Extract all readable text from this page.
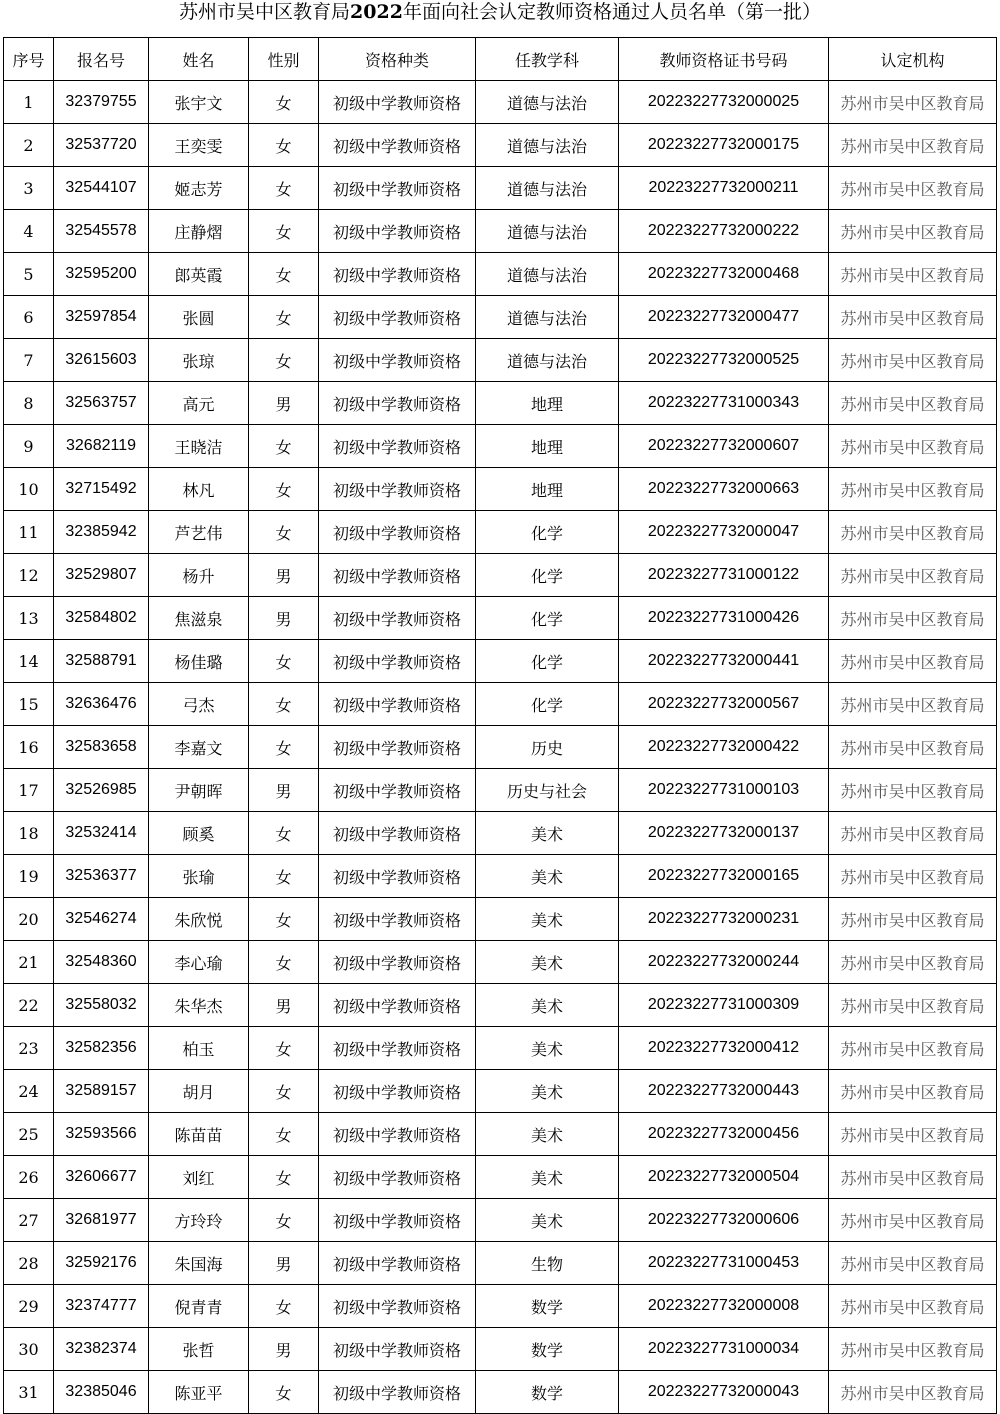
苏州市吴中区教育局2022年面向社会认定教师资格通过人员名单（第一批）
序号	报名号	姓名	性别	资格种类	任教学科	教师资格证书号码	认定机构
1	32379755	张宇文	女	初级中学教师资格	道德与法治	20223227732000025	苏州市吴中区教育局
2	32537720	王奕雯	女	初级中学教师资格	道德与法治	20223227732000175	苏州市吴中区教育局
3	32544107	姬志芳	女	初级中学教师资格	道德与法治	20223227732000211	苏州市吴中区教育局
4	32545578	庄静熠	女	初级中学教师资格	道德与法治	20223227732000222	苏州市吴中区教育局
5	32595200	郎英霞	女	初级中学教师资格	道德与法治	20223227732000468	苏州市吴中区教育局
6	32597854	张圆	女	初级中学教师资格	道德与法治	20223227732000477	苏州市吴中区教育局
7	32615603	张琼	女	初级中学教师资格	道德与法治	20223227732000525	苏州市吴中区教育局
8	32563757	高元	男	初级中学教师资格	地理	20223227731000343	苏州市吴中区教育局
9	32682119	王晓洁	女	初级中学教师资格	地理	20223227732000607	苏州市吴中区教育局
10	32715492	林凡	女	初级中学教师资格	地理	20223227732000663	苏州市吴中区教育局
11	32385942	芦艺伟	女	初级中学教师资格	化学	20223227732000047	苏州市吴中区教育局
12	32529807	杨升	男	初级中学教师资格	化学	20223227731000122	苏州市吴中区教育局
13	32584802	焦滋泉	男	初级中学教师资格	化学	20223227731000426	苏州市吴中区教育局
14	32588791	杨佳璐	女	初级中学教师资格	化学	20223227732000441	苏州市吴中区教育局
15	32636476	弓杰	女	初级中学教师资格	化学	20223227732000567	苏州市吴中区教育局
16	32583658	李嘉文	女	初级中学教师资格	历史	20223227732000422	苏州市吴中区教育局
17	32526985	尹朝晖	男	初级中学教师资格	历史与社会	20223227731000103	苏州市吴中区教育局
18	32532414	顾奚	女	初级中学教师资格	美术	20223227732000137	苏州市吴中区教育局
19	32536377	张瑜	女	初级中学教师资格	美术	20223227732000165	苏州市吴中区教育局
20	32546274	朱欣悦	女	初级中学教师资格	美术	20223227732000231	苏州市吴中区教育局
21	32548360	李心瑜	女	初级中学教师资格	美术	20223227732000244	苏州市吴中区教育局
22	32558032	朱华杰	男	初级中学教师资格	美术	20223227731000309	苏州市吴中区教育局
23	32582356	柏玉	女	初级中学教师资格	美术	20223227732000412	苏州市吴中区教育局
24	32589157	胡月	女	初级中学教师资格	美术	20223227732000443	苏州市吴中区教育局
25	32593566	陈苗苗	女	初级中学教师资格	美术	20223227732000456	苏州市吴中区教育局
26	32606677	刘红	女	初级中学教师资格	美术	20223227732000504	苏州市吴中区教育局
27	32681977	方玲玲	女	初级中学教师资格	美术	20223227732000606	苏州市吴中区教育局
28	32592176	朱国海	男	初级中学教师资格	生物	20223227731000453	苏州市吴中区教育局
29	32374777	倪青青	女	初级中学教师资格	数学	20223227732000008	苏州市吴中区教育局
30	32382374	张哲	男	初级中学教师资格	数学	20223227731000034	苏州市吴中区教育局
31	32385046	陈亚平	女	初级中学教师资格	数学	20223227732000043	苏州市吴中区教育局
